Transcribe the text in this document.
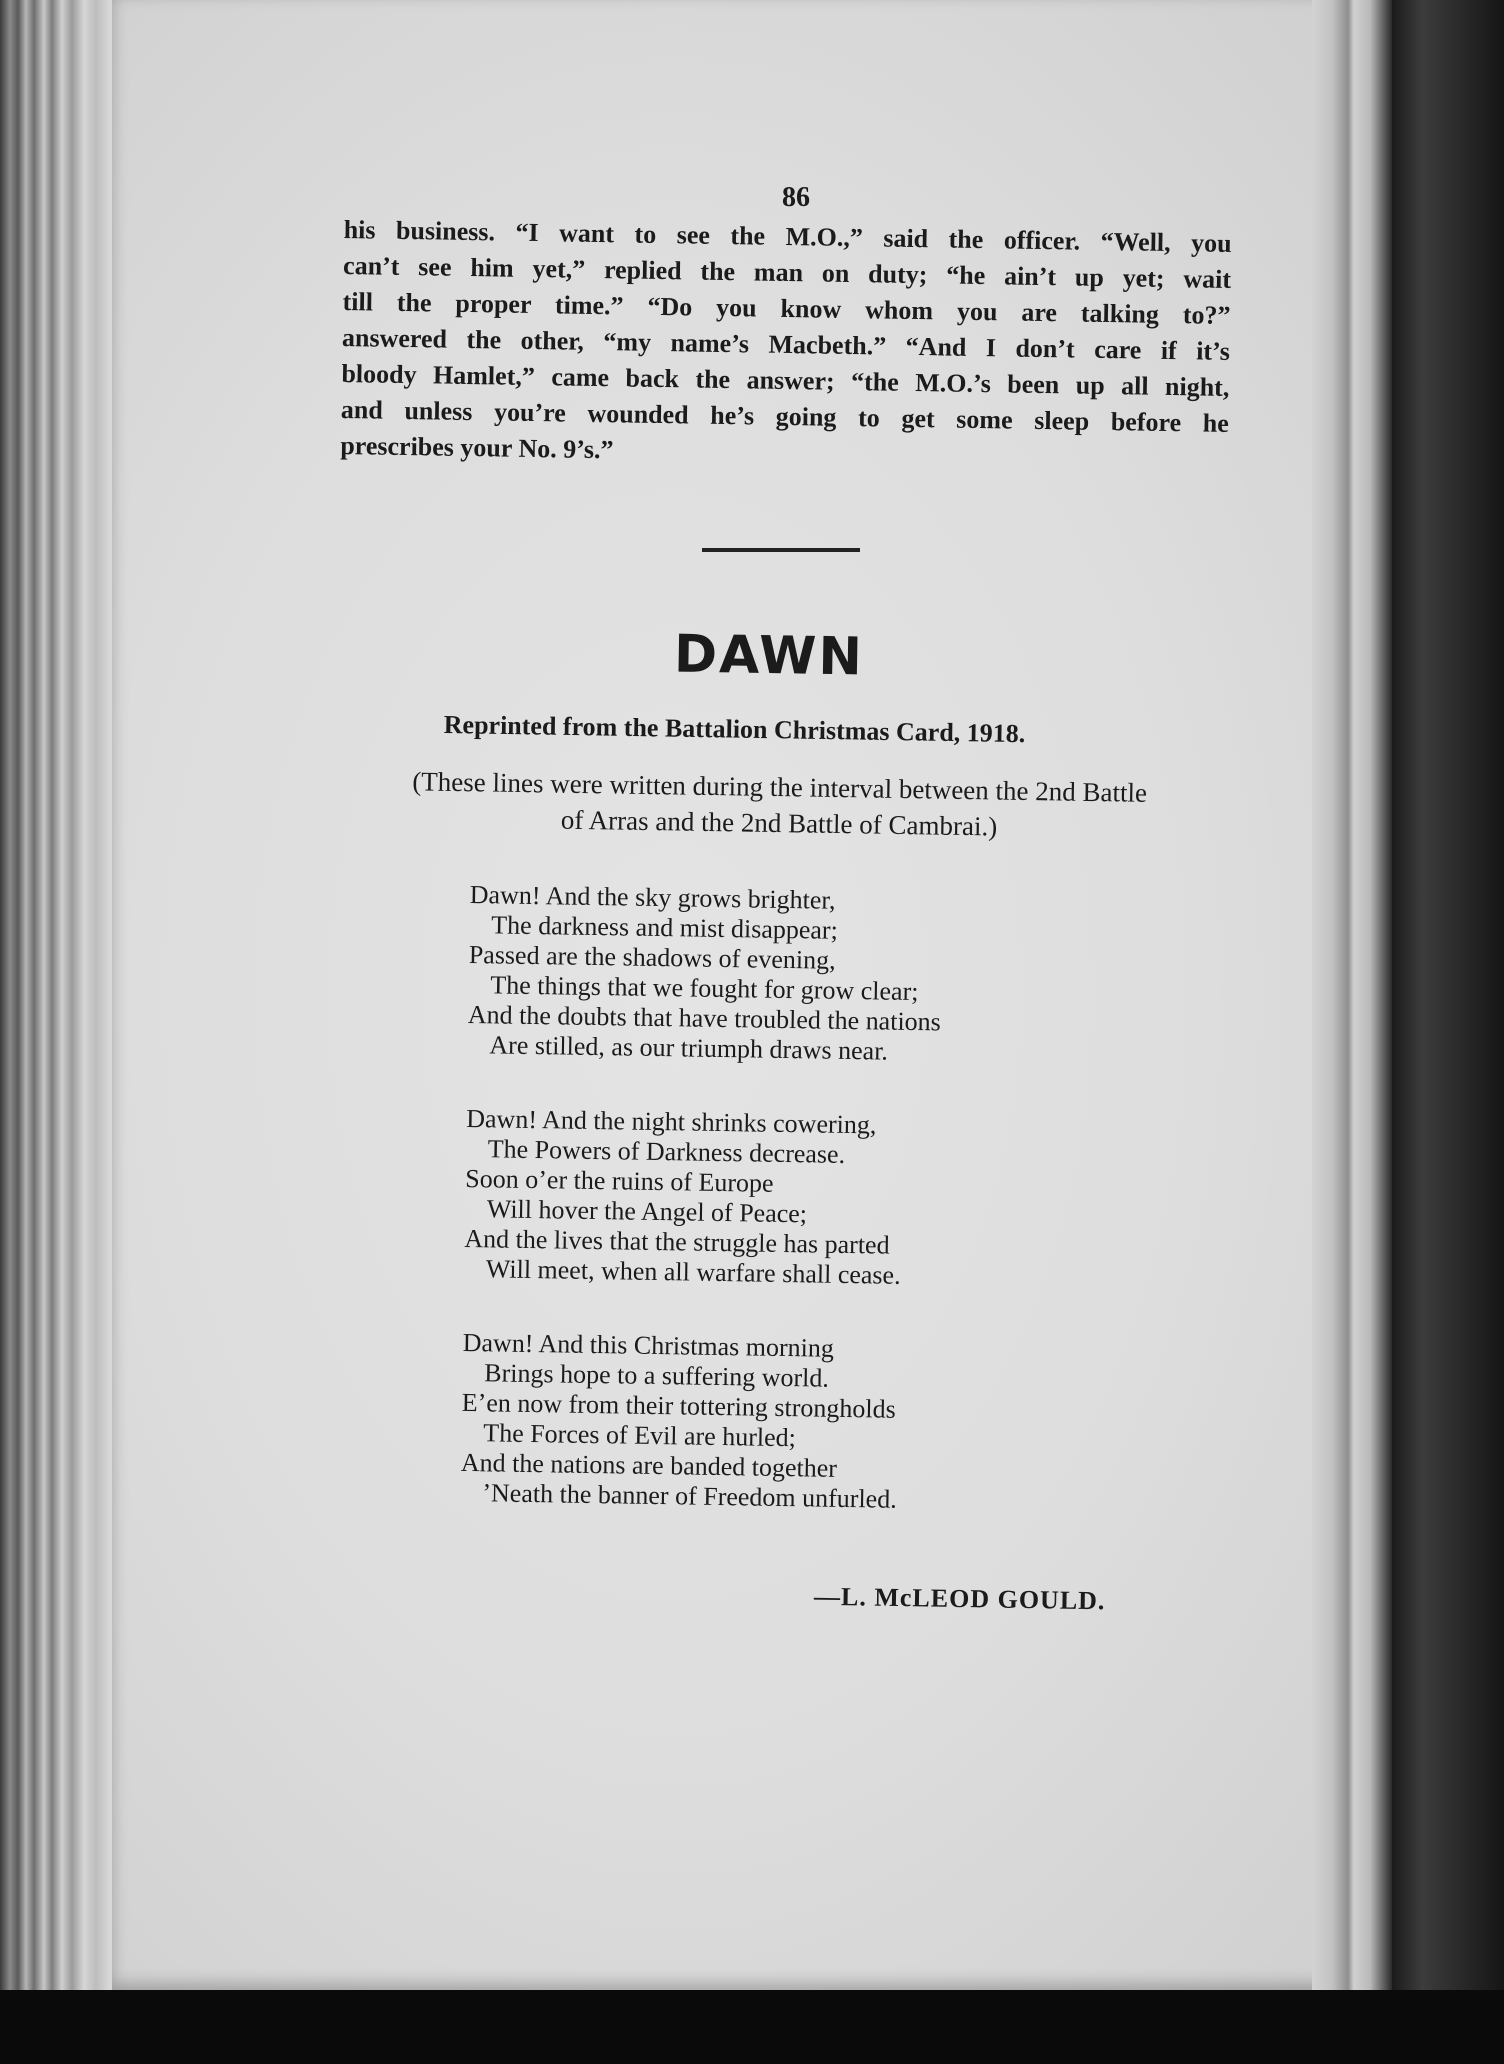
86
his business. “I want to see the M.O.,” said the officer. “Well, you
can’t see him yet,” replied the man on duty; “he ain’t up yet; wait
till the proper time.” “Do you know whom you are talking to?”
answered the other, “my name’s Macbeth.” “And I don’t care if it’s
bloody Hamlet,” came back the answer; “the M.O.’s been up all night,
and unless you’re wounded he’s going to get some sleep before he
prescribes your No. 9’s.”
DAWN
Reprinted from the Battalion Christmas Card, 1918.
(These lines were written during the interval between the 2nd Battle
of Arras and the 2nd Battle of Cambrai.)
Dawn! And the sky grows brighter,
The darkness and mist disappear;
Passed are the shadows of evening,
The things that we fought for grow clear;
And the doubts that have troubled the nations
Are stilled, as our triumph draws near.
Dawn! And the night shrinks cowering,
The Powers of Darkness decrease.
Soon o’er the ruins of Europe
Will hover the Angel of Peace;
And the lives that the struggle has parted
Will meet, when all warfare shall cease.
Dawn! And this Christmas morning
Brings hope to a suffering world.
E’en now from their tottering strongholds
The Forces of Evil are hurled;
And the nations are banded together
’Neath the banner of Freedom unfurled.
—L. McLEOD GOULD.
